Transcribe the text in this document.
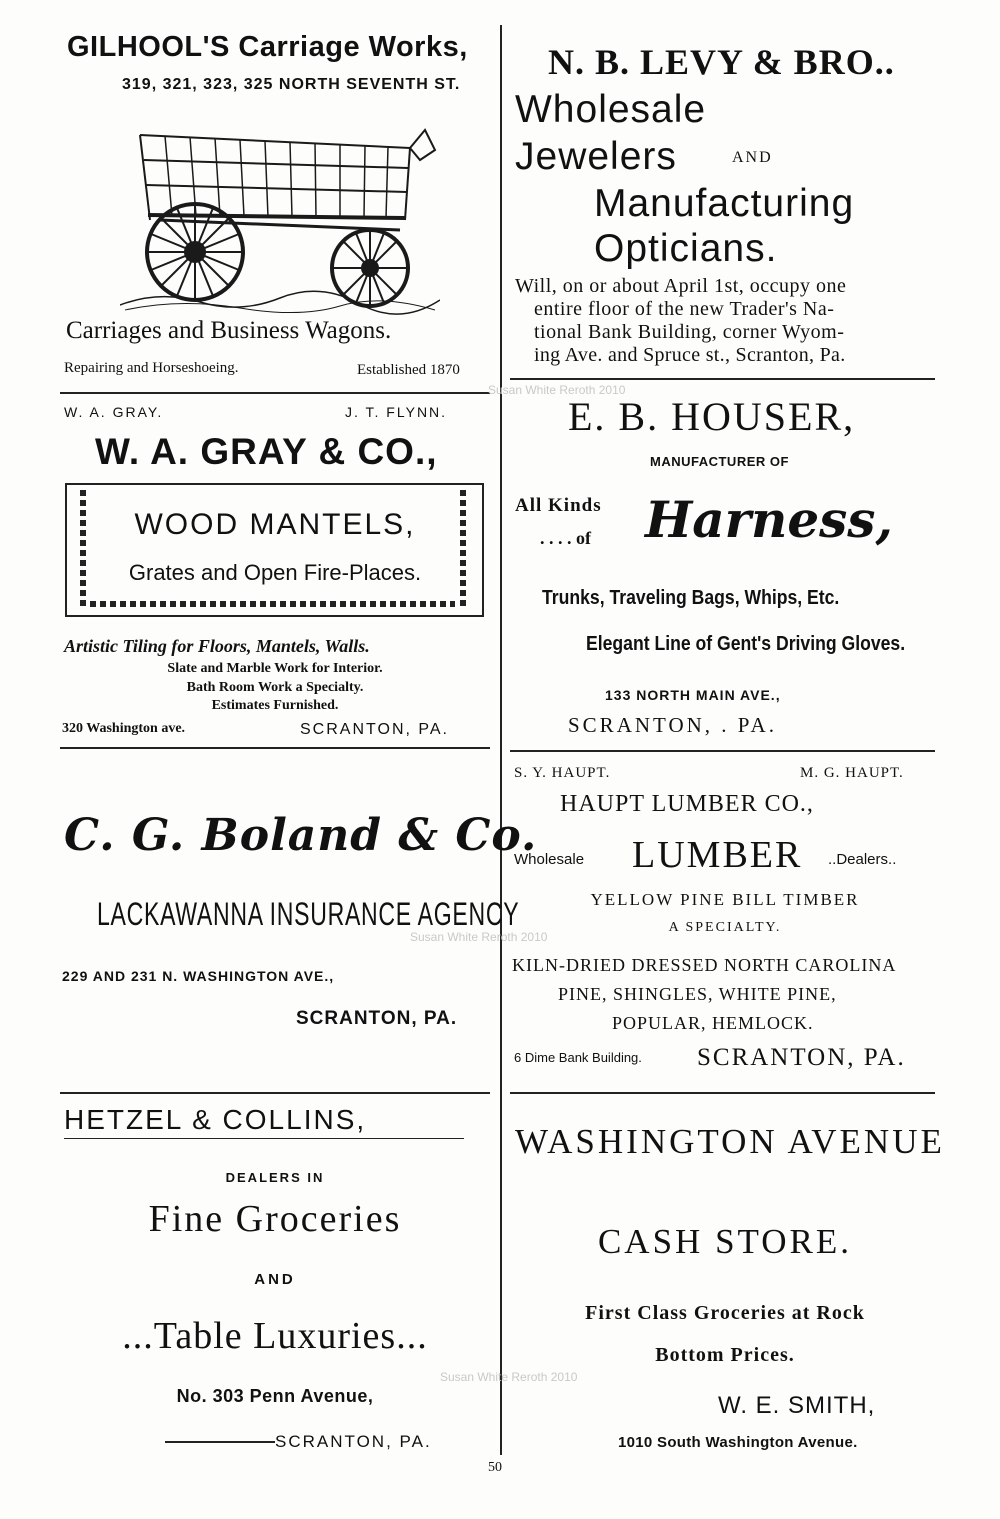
GILHOOL'S Carriage Works,
319, 321, 323, 325 NORTH SEVENTH ST.
Carriages and Business Wagons.
Repairing and Horseshoeing.	Established 1870
N. B. LEVY & BRO..
Wholesale
Jewelers	AND
Manufacturing
Opticians.
Will, on or about April 1st, occupy one
entire floor of the new Trader's Na-
tional Bank Building, corner Wyom-
ing Ave. and Spruce st., Scranton, Pa.
W. A. GRAY.	J. T. FLYNN.
W. A. GRAY & CO.,
WOOD MANTELS,
Grates and Open Fire-Places.
Artistic Tiling for Floors, Mantels, Walls.
Slate and Marble Work for Interior.
Bath Room Work a Specialty.
Estimates Furnished.
320 Washington ave.	SCRANTON, PA.
E. B. HOUSER,
MANUFACTURER OF
All Kinds
. . . . of Harness,
Trunks, Traveling Bags, Whips, Etc.
Elegant Line of Gent's Driving Gloves.
133 NORTH MAIN AVE.,
SCRANTON, . PA.
C. G. Boland & Co.
LACKAWANNA INSURANCE AGENCY
229 AND 231 N. WASHINGTON AVE.,
SCRANTON, PA.
S. Y. HAUPT.	M. G. HAUPT.
HAUPT LUMBER CO.,
Wholesale LUMBER ..Dealers..
YELLOW PINE BILL TIMBER
A SPECIALTY.
KILN-DRIED DRESSED NORTH CAROLINA
PINE, SHINGLES, WHITE PINE,
POPULAR, HEMLOCK.
6 Dime Bank Building. SCRANTON, PA.
HETZEL & COLLINS,
DEALERS IN
Fine Groceries
AND
...Table Luxuries...
No. 303 Penn Avenue,
SCRANTON, PA.
WASHINGTON AVENUE
CASH STORE.
First Class Groceries at Rock
Bottom Prices.
W. E. SMITH,
1010 South Washington Avenue.
Susan White Reroth 2010
Susan White Reroth 2010
Susan White Reroth 2010
50
